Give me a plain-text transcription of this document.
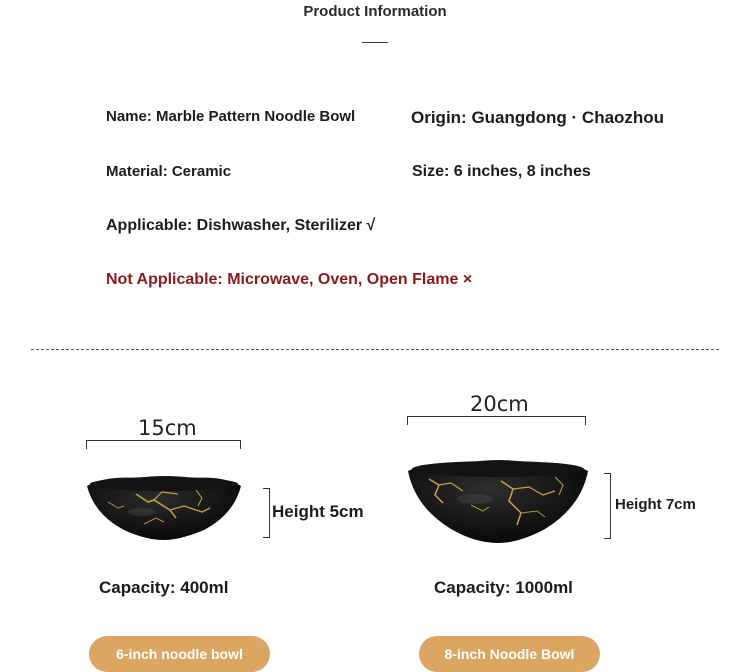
Product Information
Name: Marble Pattern Noodle Bowl	Origin: Guangdong · Chaozhou
Material: Ceramic	Size: 6 inches, 8 inches
Applicable: Dishwasher, Sterilizer √
Not Applicable: Microwave, Oven, Open Flame ×
15cm
Height 5cm
Capacity: 400ml
6-inch noodle bowl
20cm
Height 7cm
Capacity: 1000ml
8-inch Noodle Bowl
